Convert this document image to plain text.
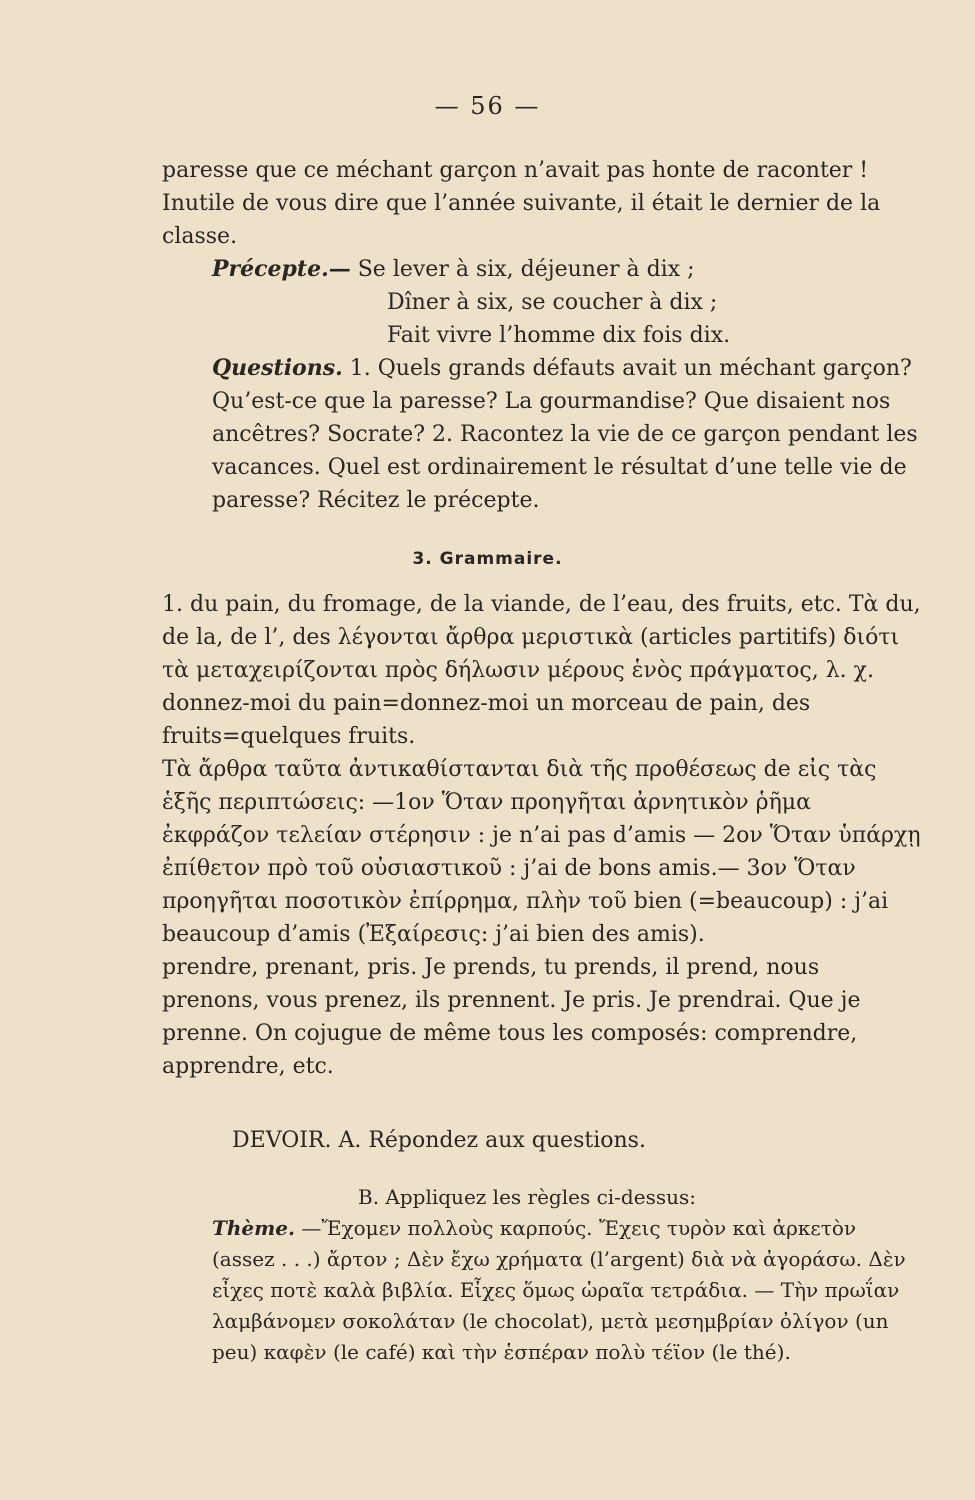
— 56 —

paresse que ce méchant garçon n’avait pas honte de raconter ! Inutile de vous dire que l’année suivante, il était le dernier de la classe.

Précepte.— Se lever à six, déjeuner à dix ;

Dîner à six, se coucher à dix ;

Fait vivre l’homme dix fois dix.

Questions. 1. Quels grands défauts avait un méchant garçon? Qu’est-ce que la paresse? La gourmandise? Que disaient nos ancêtres? Socrate? 2. Racontez la vie de ce garçon pendant les vacances. Quel est ordinairement le résultat d’une telle vie de paresse? Récitez le précepte.

3. Grammaire.

1. du pain, du fromage, de la viande, de l’eau, des fruits, etc. Τὰ du, de la, de l’, des λέγονται ἄρθρα μεριστικὰ (articles partitifs) διότι τὰ μεταχειρίζονται πρὸς δήλωσιν μέρους ἑνὸς πράγματος, λ. χ. donnez-moi du pain=donnez-moi un morceau de pain, des fruits=quelques fruits.

Τὰ ἄρθρα ταῦτα ἀντικαθίστανται διὰ τῆς προθέσεως de εἰς τὰς ἑξῆς περιπτώσεις: —1ον Ὅταν προηγῆται ἀρνητικὸν ῥῆμα ἐκφράζον τελείαν στέρησιν : je n’ai pas d’amis — 2ον Ὅταν ὑπάρχῃ ἐπίθετον πρὸ τοῦ οὐσιαστικοῦ : j’ai de bons amis.— 3ον Ὅταν προηγῆται ποσοτικὸν ἐπίρρημα, πλὴν τοῦ bien (=beaucoup) : j’ai beaucoup d’amis (Ἐξαίρεσις: j’ai bien des amis).

prendre, prenant, pris. Je prends, tu prends, il prend, nous prenons, vous prenez, ils prennent. Je pris. Je prendrai. Que je prenne. On cojugue de même tous les composés: comprendre, apprendre, etc.

DEVOIR. A. Répondez aux questions.

B. Appliquez les règles ci-dessus:

Thème. —Ἔχομεν πολλοὺς καρπούς. Ἔχεις τυρὸν καὶ ἀρκετὸν (assez . . .) ἄρτον ; Δὲν ἔχω χρήματα (l’argent) διὰ νὰ ἀγοράσω. Δὲν εἶχες ποτὲ καλὰ βιβλία. Εἶχες ὅμως ὡραῖα τετράδια. — Τὴν πρωΐαν λαμβάνομεν σοκολάταν (le chocolat), μετὰ μεσημβρίαν ὀλίγον (un peu) καφὲν (le café) καὶ τὴν ἑσπέραν πολὺ τέϊον (le thé).
